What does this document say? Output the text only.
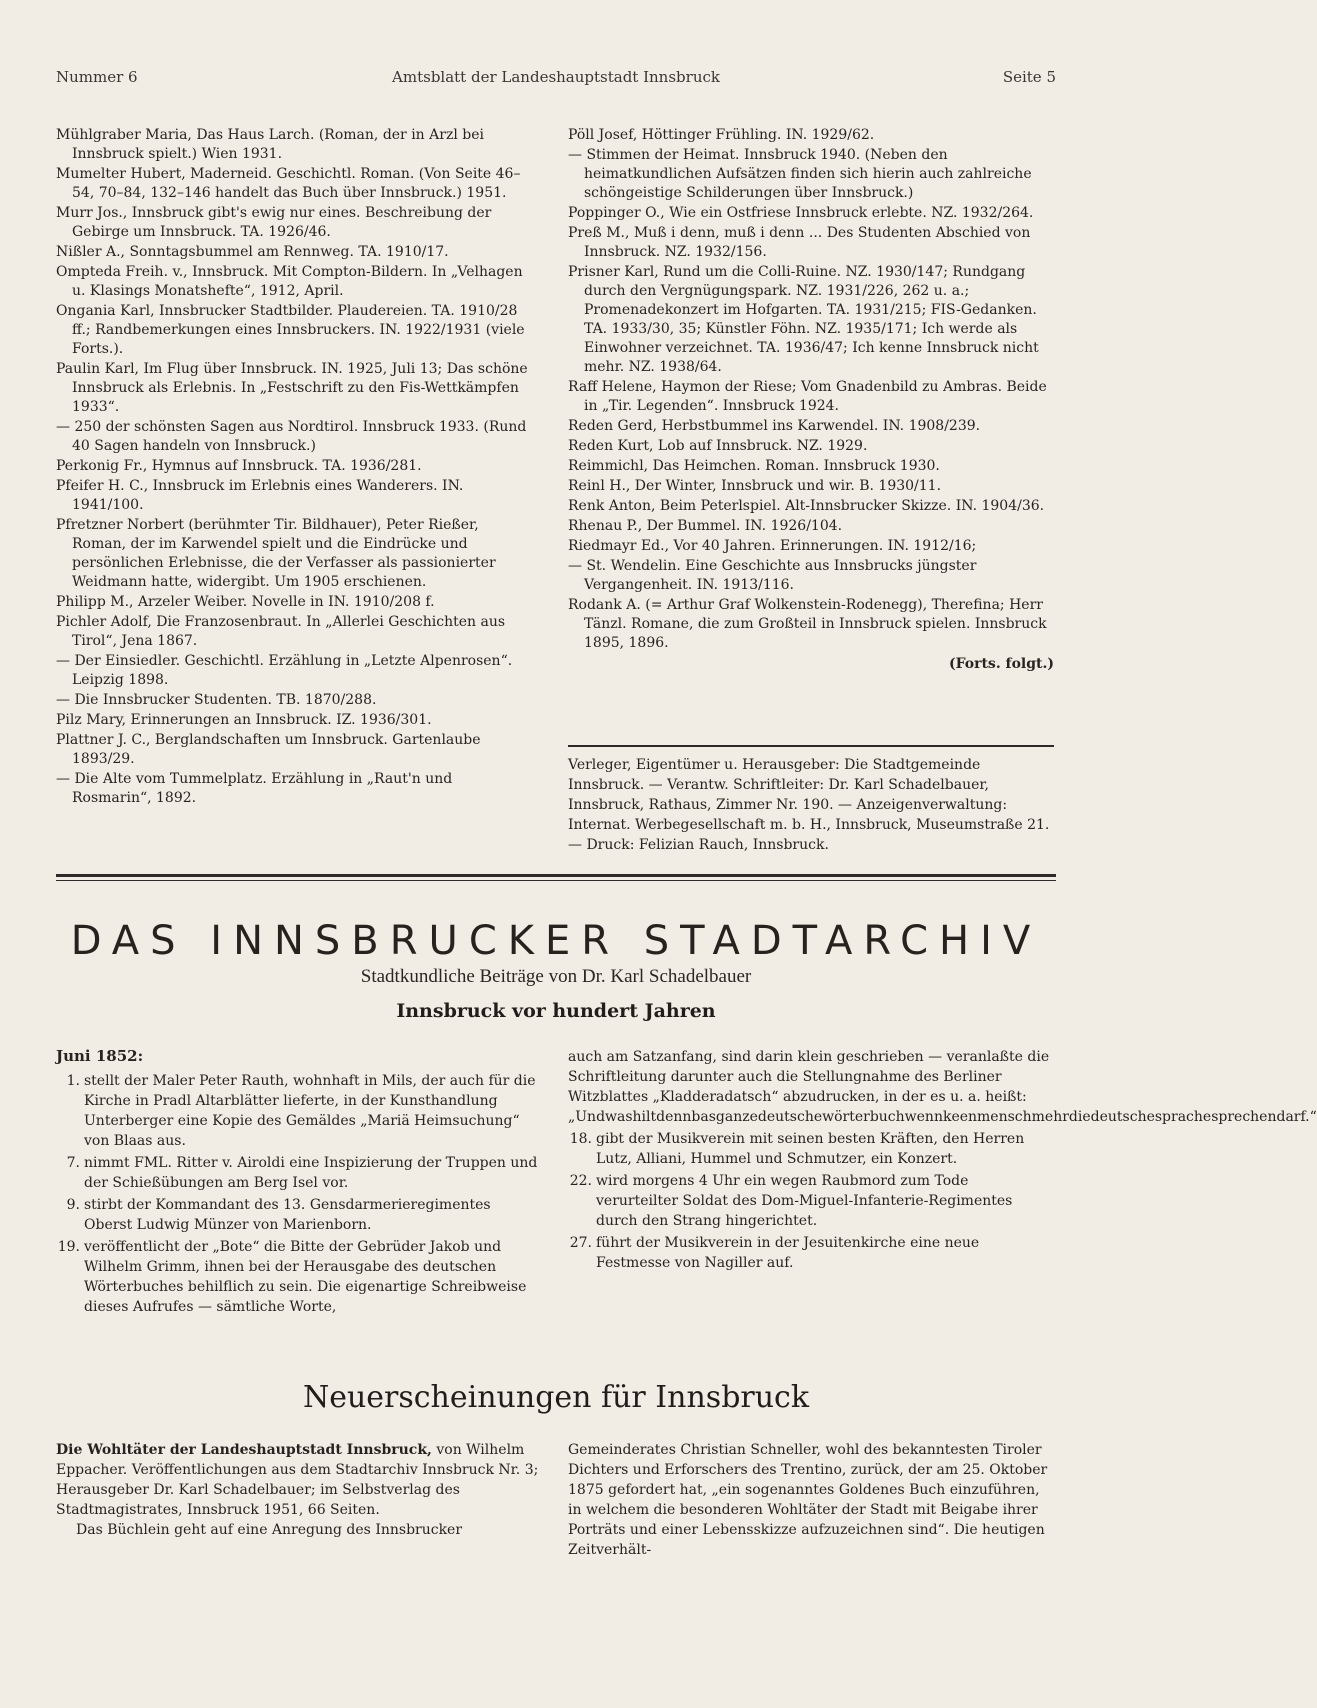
Nummer 6	Amtsblatt der Landeshauptstadt Innsbruck	Seite 5

Mühlgraber Maria, Das Haus Larch. (Roman, der in Arzl bei Innsbruck spielt.) Wien 1931.

Mumelter Hubert, Maderneid. Geschichtl. Roman. (Von Seite 46–54, 70–84, 132–146 handelt das Buch über Innsbruck.) 1951.

Murr Jos., Innsbruck gibt's ewig nur eines. Beschreibung der Gebirge um Innsbruck. TA. 1926/46.

Nißler A., Sonntagsbummel am Rennweg. TA. 1910/17.

Ompteda Freih. v., Innsbruck. Mit Compton-Bildern. In „Velhagen u. Klasings Monatshefte“, 1912, April.

Ongania Karl, Innsbrucker Stadtbilder. Plaudereien. TA. 1910/28 ff.; Randbemerkungen eines Innsbruckers. IN. 1922/1931 (viele Forts.).

Paulin Karl, Im Flug über Innsbruck. IN. 1925, Juli 13; Das schöne Innsbruck als Erlebnis. In „Festschrift zu den Fis-Wettkämpfen 1933“.

— 250 der schönsten Sagen aus Nordtirol. Innsbruck 1933. (Rund 40 Sagen handeln von Innsbruck.)

Perkonig Fr., Hymnus auf Innsbruck. TA. 1936/281.

Pfeifer H. C., Innsbruck im Erlebnis eines Wanderers. IN. 1941/100.

Pfretzner Norbert (berühmter Tir. Bildhauer), Peter Rießer, Roman, der im Karwendel spielt und die Eindrücke und persönlichen Erlebnisse, die der Verfasser als passionierter Weidmann hatte, widergibt. Um 1905 erschienen.

Philipp M., Arzeler Weiber. Novelle in IN. 1910/208 f.

Pichler Adolf, Die Franzosenbraut. In „Allerlei Geschichten aus Tirol“, Jena 1867.

— Der Einsiedler. Geschichtl. Erzählung in „Letzte Alpenrosen“. Leipzig 1898.

— Die Innsbrucker Studenten. TB. 1870/288.

Pilz Mary, Erinnerungen an Innsbruck. IZ. 1936/301.

Plattner J. C., Berglandschaften um Innsbruck. Gartenlaube 1893/29.

— Die Alte vom Tummelplatz. Erzählung in „Raut'n und Rosmarin“, 1892.

Pöll Josef, Höttinger Frühling. IN. 1929/62.

— Stimmen der Heimat. Innsbruck 1940. (Neben den heimatkundlichen Aufsätzen finden sich hierin auch zahlreiche schöngeistige Schilderungen über Innsbruck.)

Poppinger O., Wie ein Ostfriese Innsbruck erlebte. NZ. 1932/264.

Preß M., Muß i denn, muß i denn ... Des Studenten Abschied von Innsbruck. NZ. 1932/156.

Prisner Karl, Rund um die Colli-Ruine. NZ. 1930/147; Rundgang durch den Vergnügungspark. NZ. 1931/226, 262 u. a.; Promenadekonzert im Hofgarten. TA. 1931/215; FIS-Gedanken. TA. 1933/30, 35; Künstler Föhn. NZ. 1935/171; Ich werde als Einwohner verzeichnet. TA. 1936/47; Ich kenne Innsbruck nicht mehr. NZ. 1938/64.

Raff Helene, Haymon der Riese; Vom Gnadenbild zu Ambras. Beide in „Tir. Legenden“. Innsbruck 1924.

Reden Gerd, Herbstbummel ins Karwendel. IN. 1908/239.

Reden Kurt, Lob auf Innsbruck. NZ. 1929.

Reimmichl, Das Heimchen. Roman. Innsbruck 1930.

Reinl H., Der Winter, Innsbruck und wir. B. 1930/11.

Renk Anton, Beim Peterlspiel. Alt-Innsbrucker Skizze. IN. 1904/36.

Rhenau P., Der Bummel. IN. 1926/104.

Riedmayr Ed., Vor 40 Jahren. Erinnerungen. IN. 1912/16;

— St. Wendelin. Eine Geschichte aus Innsbrucks jüngster Vergangenheit. IN. 1913/116.

Rodank A. (= Arthur Graf Wolkenstein-Rodenegg), Therefina; Herr Tänzl. Romane, die zum Großteil in Innsbruck spielen. Innsbruck 1895, 1896.

(Forts. folgt.)
Verleger, Eigentümer u. Herausgeber: Die Stadtgemeinde Innsbruck. — Verantw. Schriftleiter: Dr. Karl Schadelbauer, Innsbruck, Rathaus, Zimmer Nr. 190. — Anzeigenverwaltung: Internat. Werbegesellschaft m. b. H., Innsbruck, Museumstraße 21. — Druck: Felizian Rauch, Innsbruck.
DAS INNSBRUCKER STADTARCHIV
Stadtkundliche Beiträge von Dr. Karl Schadelbauer
Innsbruck vor hundert Jahren
Juni 1852:
1. stellt der Maler Peter Rauth, wohnhaft in Mils, der auch für die Kirche in Pradl Altarblätter lieferte, in der Kunsthandlung Unterberger eine Kopie des Gemäldes „Mariä Heimsuchung“ von Blaas aus.
7. nimmt FML. Ritter v. Airoldi eine Inspizierung der Truppen und der Schießübungen am Berg Isel vor.
9. stirbt der Kommandant des 13. Gensdarmerieregimentes Oberst Ludwig Münzer von Marienborn.
19. veröffentlicht der „Bote“ die Bitte der Gebrüder Jakob und Wilhelm Grimm, ihnen bei der Herausgabe des deutschen Wörterbuches behilflich zu sein. Die eigenartige Schreibweise dieses Aufrufes — sämtliche Worte,
auch am Satzanfang, sind darin klein geschrieben — veranlaßte die Schriftleitung darunter auch die Stellungnahme des Berliner Witzblattes „Kladderadatsch“ abzudrucken, in der es u. a. heißt: „Undwashiltdennbasganzedeutschewörterbuchwennkeenmenschmehrdiedeutschesprachesprechendarf.“
18. gibt der Musikverein mit seinen besten Kräften, den Herren Lutz, Alliani, Hummel und Schmutzer, ein Konzert.
22. wird morgens 4 Uhr ein wegen Raubmord zum Tode verurteilter Soldat des Dom-Miguel-Infanterie-Regimentes durch den Strang hingerichtet.
27. führt der Musikverein in der Jesuitenkirche eine neue Festmesse von Nagiller auf.
Neuerscheinungen für Innsbruck

Die Wohltäter der Landeshauptstadt Innsbruck, von Wilhelm Eppacher. Veröffentlichungen aus dem Stadtarchiv Innsbruck Nr. 3; Herausgeber Dr. Karl Schadelbauer; im Selbstverlag des Stadtmagistrates, Innsbruck 1951, 66 Seiten.

Das Büchlein geht auf eine Anregung des Innsbrucker

Gemeinderates Christian Schneller, wohl des bekanntesten Tiroler Dichters und Erforschers des Trentino, zurück, der am 25. Oktober 1875 gefordert hat, „ein sogenanntes Goldenes Buch einzuführen, in welchem die besonderen Wohltäter der Stadt mit Beigabe ihrer Porträts und einer Lebensskizze aufzuzeichnen sind“. Die heutigen Zeitverhält-
